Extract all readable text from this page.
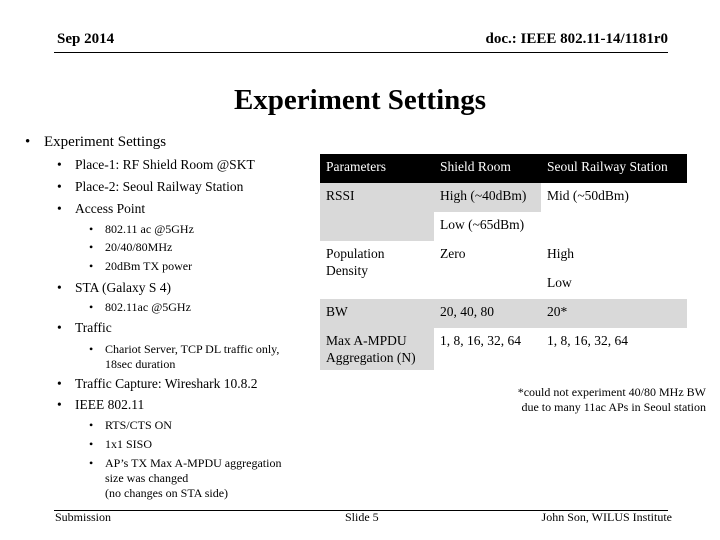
Sep 2014	doc.: IEEE 802.11-14/1181r0
Experiment Settings
• Experiment Settings
• Place-1: RF Shield Room @SKT
• Place-2: Seoul Railway Station
• Access Point
• 802.11 ac @5GHz
• 20/40/80MHz
• 20dBm TX power
• STA (Galaxy S 4)
• 802.11ac @5GHz
• Traffic
• Chariot Server, TCP DL traffic only,
18sec duration
• Traffic Capture: Wireshark 10.8.2
• IEEE 802.11
• RTS/CTS ON
• 1x1 SISO
• AP’s TX Max A-MPDU aggregation
size was changed
(no changes on STA side)
Parameters	Shield Room	Seoul Railway Station
RSSI	High (~40dBm)	Mid (~50dBm)
	Low (~65dBm)	

Population
Density	Zero	High
		Low
BW	20, 40, 80	20*

Max A-MPDU
Aggregation (N)	1, 8, 16, 32, 64	1, 8, 16, 32, 64
*could not experiment 40/80 MHz BW
due to many 11ac APs in Seoul station
Submission	Slide 5	John Son, WILUS Institute
